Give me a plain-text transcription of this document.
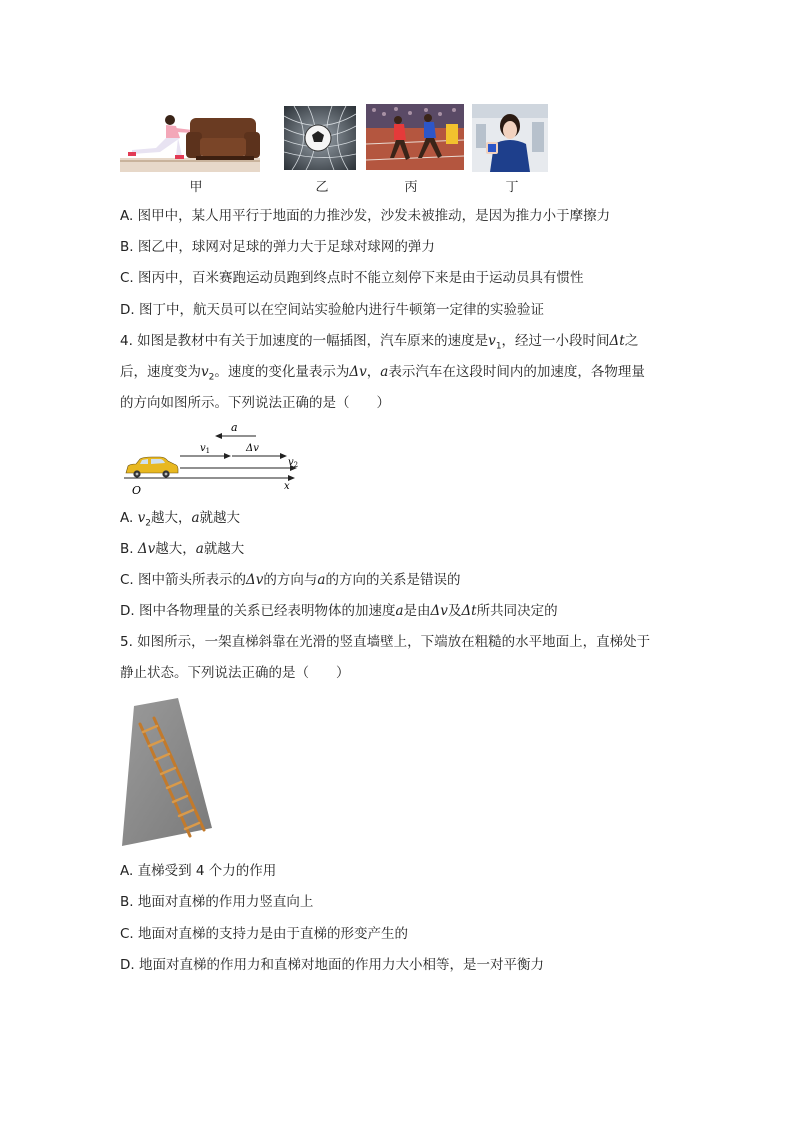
甲	乙	丙	丁
A. 图甲中，某人用平行于地面的力推沙发，沙发未被推动，是因为推力小于摩擦力
B. 图乙中，球网对足球的弹力大于足球对球网的弹力
C. 图丙中，百米赛跑运动员跑到终点时不能立刻停下来是由于运动员具有惯性
D. 图丁中，航天员可以在空间站实验舱内进行牛顿第一定律的实验验证
4. 如图是教材中有关于加速度的一幅插图，汽车原来的速度是$v_1$，经过一小段时间Δt之
后，速度变为$v_2$。速度的变化量表示为Δv，a表示汽车在这段时间内的加速度，各物理量
的方向如图所示。下列说法正确的是（　　）
a
$v_1$	Δv
$v_2$
x
O
A. $v_2$越大，a就越大
B. Δv越大，a就越大
C. 图中箭头所表示的Δv的方向与a的方向的关系是错误的
D. 图中各物理量的关系已经表明物体的加速度a是由Δv及Δt所共同决定的
5. 如图所示，一架直梯斜靠在光滑的竖直墙壁上，下端放在粗糙的水平地面上，直梯处于
静止状态。下列说法正确的是（　　）
A. 直梯受到 4 个力的作用
B. 地面对直梯的作用力竖直向上
C. 地面对直梯的支持力是由于直梯的形变产生的
D. 地面对直梯的作用力和直梯对地面的作用力大小相等，是一对平衡力
